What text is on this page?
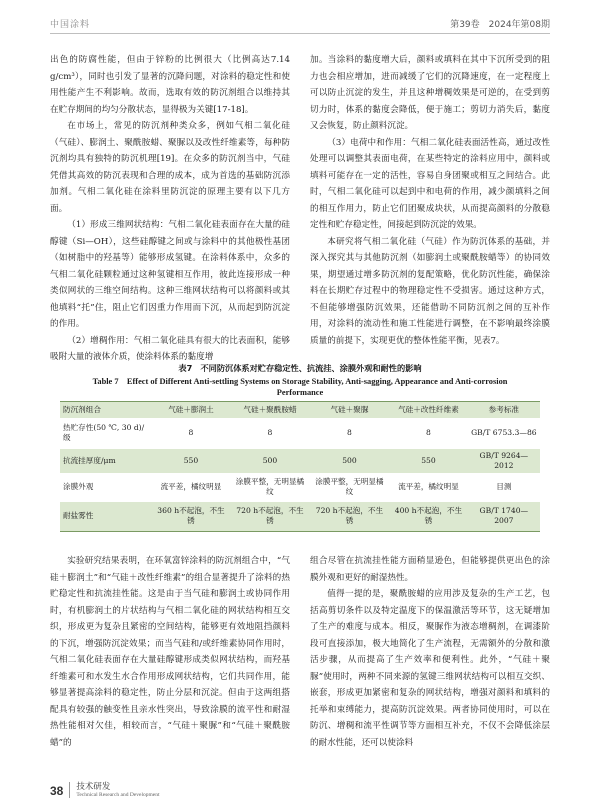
中国涂料	第39卷　2024年第08期

出色的防腐性能，但由于锌粉的比例很大（比例高达7.14 g/cm³），同时也引发了显著的沉降问题，对涂料的稳定性和使用性能产生不利影响。故而，选取有效的防沉剂组合以维持其在贮存期间的均匀分散状态，显得极为关键[17-18]。

在市场上，常见的防沉剂种类众多，例如气相二氧化硅（气硅）、膨润土、聚酰胺蜡、聚脲以及改性纤维素等，每种防沉剂均具有独特的防沉机理[19]。在众多的防沉剂当中，气硅凭借其高效的防沉表现和合理的成本，成为首选的基础防沉添加剂。气相二氧化硅在涂料里防沉淀的原理主要有以下几方面。

（1）形成三维网状结构：气相二氧化硅表面存在大量的硅醇键（Si—OH），这些硅醇键之间或与涂料中的其他极性基团（如树脂中的羟基等）能够形成氢键。在涂料体系中，众多的气相二氧化硅颗粒通过这种氢键相互作用，彼此连接形成一种类似网状的三维空间结构。这种三维网状结构可以将颜料或其他填料“托”住，阻止它们因重力作用而下沉，从而起到防沉淀的作用。

（2）增稠作用：气相二氧化硅具有很大的比表面积，能够吸附大量的液体介质，使涂料体系的黏度增

加。当涂料的黏度增大后，颜料或填料在其中下沉所受到的阻力也会相应增加，进而减缓了它们的沉降速度，在一定程度上可以防止沉淀的发生，并且这种增稠效果是可逆的，在受到剪切力时，体系的黏度会降低，便于施工；剪切力消失后，黏度又会恢复，防止颜料沉淀。

（3）电荷中和作用：气相二氧化硅表面活性高，通过改性处理可以调整其表面电荷，在某些特定的涂料应用中，颜料或填料可能存在一定的活性，容易自身团聚或相互之间结合。此时，气相二氧化硅可以起到中和电荷的作用，减少颜填料之间的相互作用力，防止它们团聚成块状，从而提高颜料的分散稳定性和贮存稳定性，间接起到防沉淀的效果。

本研究将气相二氧化硅（气硅）作为防沉体系的基础，并深入探究其与其他防沉剂（如膨润土或聚酰胺蜡等）的协同效果，期望通过增多防沉剂的复配策略，优化防沉性能，确保涂料在长期贮存过程中的物理稳定性不受损害。通过这种方式，不但能够增强防沉效果，还能借助不同防沉剂之间的互补作用，对涂料的流动性和施工性能进行调整，在不影响最终涂膜质量的前提下，实现更优的整体性能平衡，见表7。

表7　不同防沉体系对贮存稳定性、抗流挂、涂膜外观和耐性的影响
Table 7　Effect of Different Anti-settling Systems on Storage Stability, Anti-sagging, Appearance and Anti-corrosion Performance
防沉剂组合	气硅＋膨润土	气硅＋聚酰胺蜡	气硅＋聚脲	气硅＋改性纤维素	参考标准
热贮存性(50 ℃, 30 d)/级	8	8	8	8	GB/T 6753.3—86
抗流挂厚度/μm	550	500	500	550	GB/T 9264—2012
涂膜外观	流平差，橘纹明显	涂膜平整，无明显橘纹	涂膜平整，无明显橘纹	流平差，橘纹明显	目测
耐盐雾性	360 h不起泡，不生锈	720 h不起泡，不生锈	720 h不起泡，不生锈	400 h不起泡，不生锈	GB/T 1740—2007

实验研究结果表明，在环氧富锌涂料的防沉剂组合中，“气硅＋膨润土”和“气硅＋改性纤维素”的组合显著提升了涂料的热贮稳定性和抗流挂性能。这是由于当气硅和膨润土或协同作用时，有机膨润土的片状结构与气相二氧化硅的网状结构相互交织，形成更为复杂且紧密的空间结构，能够更有效地阻挡颜料的下沉，增强防沉淀效果；而当气硅和/或纤维素协同作用时，气相二氧化硅表面存在大量硅醇键形成类似网状结构，而羟基纤维素可和水发生水合作用形成网状结构，它们共同作用，能够显著提高涂料的稳定性，防止分层和沉淀。但由于这两组搭配具有较强的触变性且亲水性突出，导致涂膜的流平性和耐湿热性能相对欠佳，相较而言，“气硅＋聚脲”和“气硅＋聚酰胺蜡”的

组合尽管在抗流挂性能方面稍显逊色，但能够提供更出色的涂膜外观和更好的耐湿热性。

值得一提的是，聚酰胺蜡的应用涉及复杂的生产工艺，包括高剪切条件以及特定温度下的保温激活等环节，这无疑增加了生产的难度与成本。相反，聚脲作为液态增稠剂，在调漆阶段可直接添加，极大地简化了生产流程，无需额外的分散和激活步骤，从而提高了生产效率和便利性。此外，“气硅＋聚脲”使用时，两种不同来源的氢键三维网状结构可以相互交织、嵌套，形成更加紧密和复杂的网状结构，增强对颜料和填料的托举和束缚能力，提高防沉淀效果。两者协同使用时，可以在防沉、增稠和流平性调节等方面相互补充，不仅不会降低涂层的耐水性能，还可以使涂料

38 技术研发
Technical Research and Development
